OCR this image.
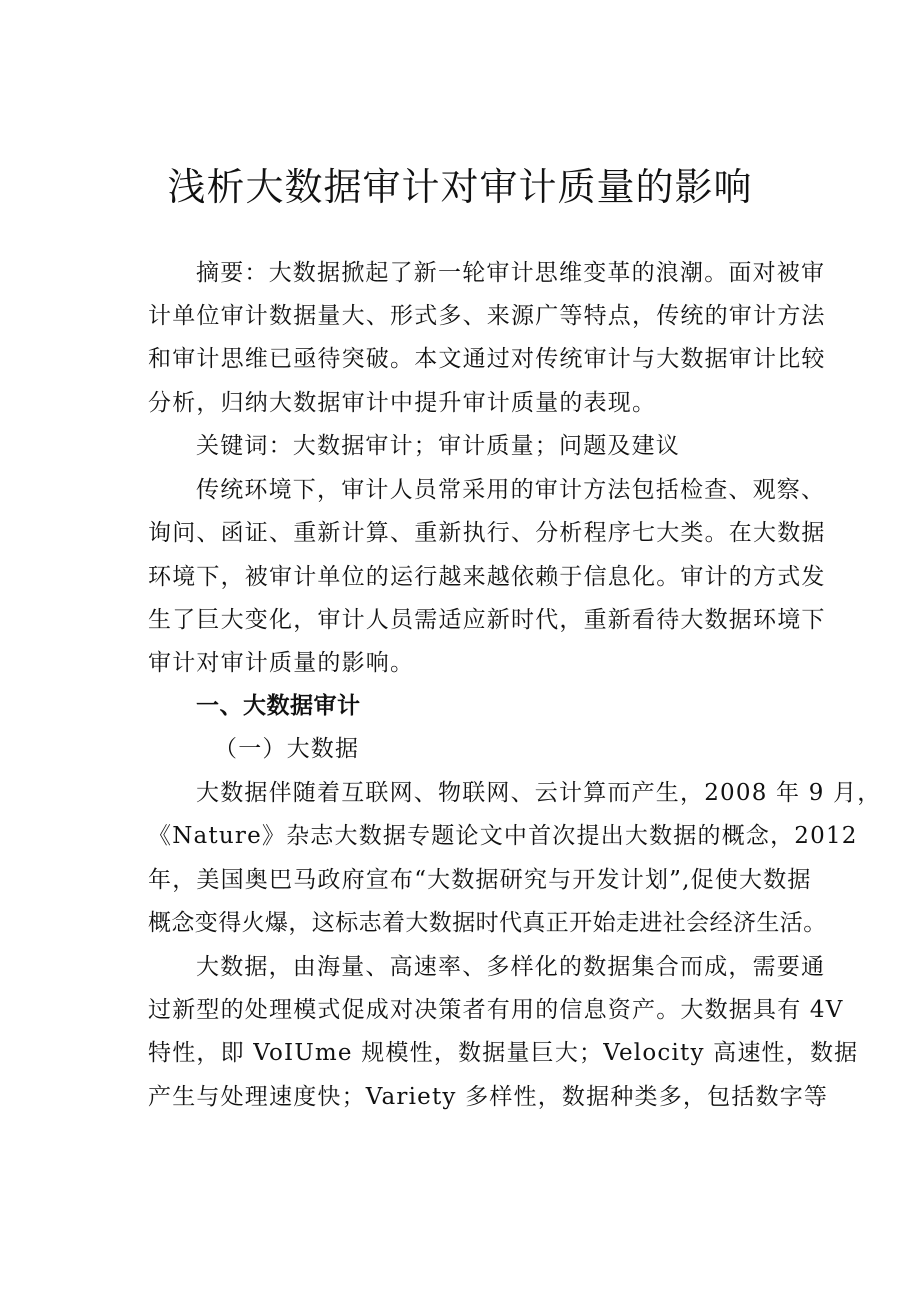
浅析大数据审计对审计质量的影响
摘要：大数据掀起了新一轮审计思维变革的浪潮。面对被审
计单位审计数据量大、形式多、来源广等特点，传统的审计方法
和审计思维已亟待突破。本文通过对传统审计与大数据审计比较
分析，归纳大数据审计中提升审计质量的表现。
关键词：大数据审计；审计质量；问题及建议
传统环境下，审计人员常采用的审计方法包括检查、观察、
询问、函证、重新计算、重新执行、分析程序七大类。在大数据
环境下，被审计单位的运行越来越依赖于信息化。审计的方式发
生了巨大变化，审计人员需适应新时代，重新看待大数据环境下
审计对审计质量的影响。
一、大数据审计
（一）大数据
大数据伴随着互联网、物联网、云计算而产生，2008 年 9 月，
《Nature》杂志大数据专题论文中首次提出大数据的概念，2012
年，美国奥巴马政府宣布“大数据研究与开发计划”,促使大数据
概念变得火爆，这标志着大数据时代真正开始走进社会经济生活。
大数据，由海量、高速率、多样化的数据集合而成，需要通
过新型的处理模式促成对决策者有用的信息资产。大数据具有 4V
特性，即 VoIUme 规模性，数据量巨大；Velocity 高速性，数据
产生与处理速度快；Variety 多样性，数据种类多，包括数字等
